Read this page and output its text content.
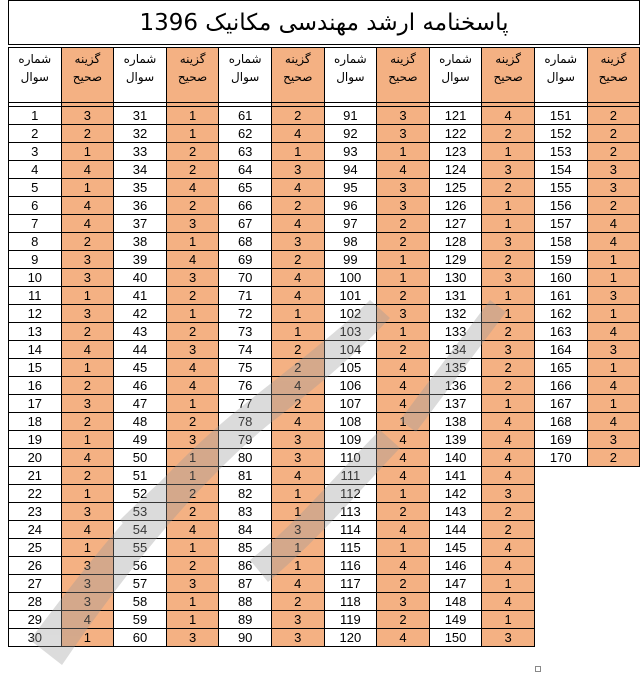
پاسخنامه ارشد مهندسی مکانیک 1396
شماره سوال	گزینه صحیح	شماره سوال	گزینه صحیح	شماره سوال	گزینه صحیح	شماره سوال	گزینه صحیح	شماره سوال	گزینه صحیح	شماره سوال	گزینه صحیح

1	3	31	1	61	2	91	3	121	4	151	2
2	2	32	1	62	4	92	3	122	2	152	2
3	1	33	2	63	1	93	1	123	1	153	2
4	4	34	2	64	3	94	4	124	3	154	3
5	1	35	4	65	4	95	3	125	2	155	3
6	4	36	2	66	2	96	3	126	1	156	2
7	4	37	3	67	4	97	2	127	1	157	4
8	2	38	1	68	3	98	2	128	3	158	4
9	3	39	4	69	2	99	1	129	2	159	1
10	3	40	3	70	4	100	1	130	3	160	1
11	1	41	2	71	4	101	2	131	1	161	3
12	3	42	1	72	1	102	3	132	1	162	1
13	2	43	2	73	1	103	1	133	2	163	4
14	4	44	3	74	2	104	2	134	3	164	3
15	1	45	4	75	2	105	4	135	2	165	1
16	2	46	4	76	4	106	4	136	2	166	4
17	3	47	1	77	2	107	4	137	1	167	1
18	2	48	2	78	4	108	1	138	4	168	4
19	1	49	3	79	3	109	4	139	4	169	3
20	4	50	1	80	3	110	4	140	4	170	2
21	2	51	1	81	4	111	4	141	4		
22	1	52	2	82	1	112	1	142	3		
23	3	53	2	83	1	113	2	143	2		
24	4	54	4	84	3	114	4	144	2		
25	1	55	1	85	1	115	1	145	4		
26	3	56	2	86	1	116	4	146	4		
27	3	57	3	87	4	117	2	147	1		
28	3	58	1	88	2	118	3	148	4		
29	4	59	1	89	3	119	2	149	1		
30	1	60	3	90	3	120	4	150	3		
